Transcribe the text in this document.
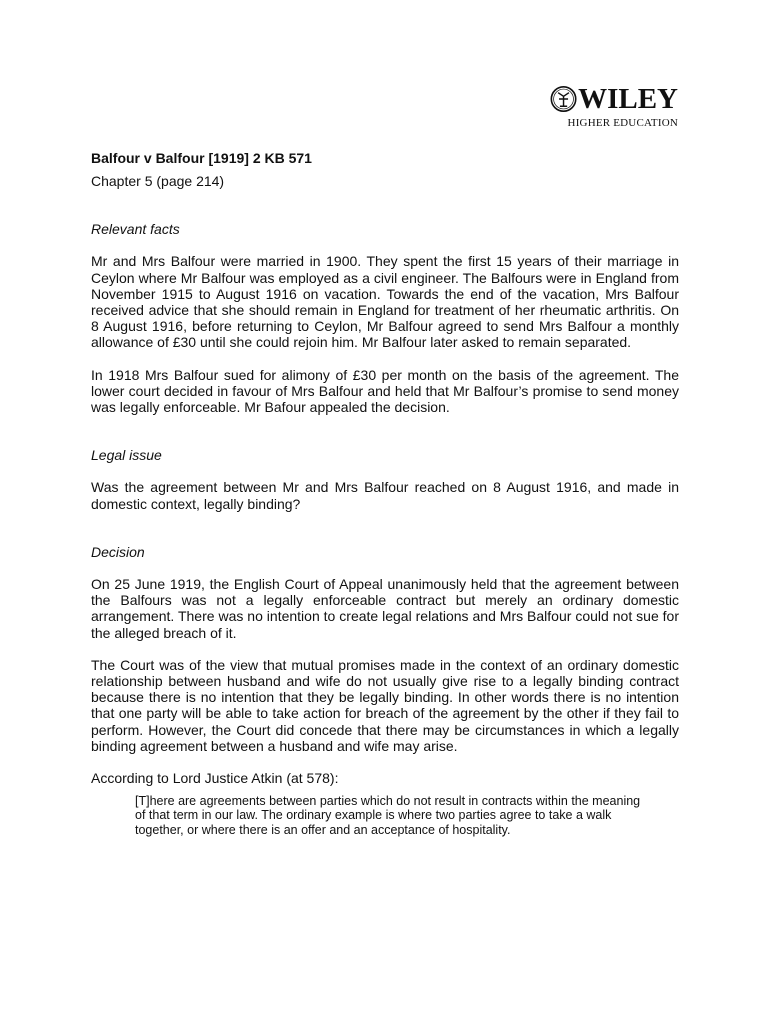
WILEY
HIGHER EDUCATION
Balfour v Balfour [1919] 2 KB 571
Chapter 5 (page 214)
Relevant facts

Mr and Mrs Balfour were married in 1900. They spent the first 15 years of their marriage in Ceylon where Mr Balfour was employed as a civil engineer. The Balfours were in England from November 1915 to August 1916 on vacation. Towards the end of the vacation, Mrs Balfour received advice that she should remain in England for treatment of her rheumatic arthritis. On 8 August 1916, before returning to Ceylon, Mr Balfour agreed to send Mrs Balfour a monthly allowance of £30 until she could rejoin him. Mr Balfour later asked to remain separated.

In 1918 Mrs Balfour sued for alimony of £30 per month on the basis of the agreement. The lower court decided in favour of Mrs Balfour and held that Mr Balfour’s promise to send money was legally enforceable. Mr Bafour appealed the decision.

Legal issue

Was the agreement between Mr and Mrs Balfour reached on 8 August 1916, and made in domestic context, legally binding?

Decision

On 25 June 1919, the English Court of Appeal unanimously held that the agreement between the Balfours was not a legally enforceable contract but merely an ordinary domestic arrangement. There was no intention to create legal relations and Mrs Balfour could not sue for the alleged breach of it.

The Court was of the view that mutual promises made in the context of an ordinary domestic relationship between husband and wife do not usually give rise to a legally binding contract because there is no intention that they be legally binding. In other words there is no intention that one party will be able to take action for breach of the agreement by the other if they fail to perform. However, the Court did concede that there may be circumstances in which a legally binding agreement between a husband and wife may arise.

According to Lord Justice Atkin (at 578):

[T]here are agreements between parties which do not result in contracts within the meaning of that term in our law. The ordinary example is where two parties agree to take a walk together, or where there is an offer and an acceptance of hospitality.
